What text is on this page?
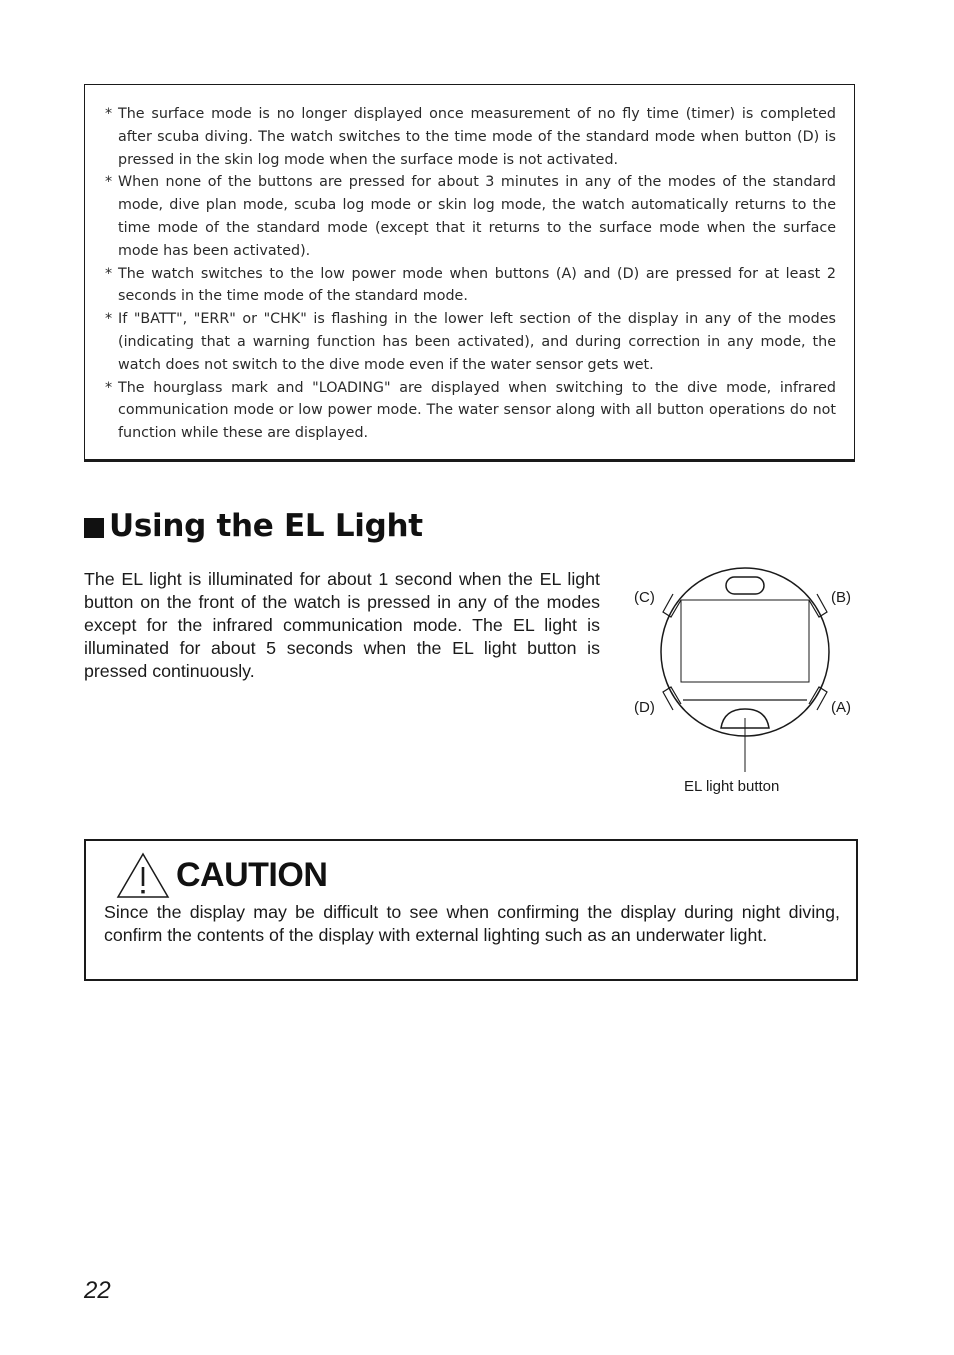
* The surface mode is no longer displayed once measurement of no fly time (timer) is completed after scuba diving. The watch switches to the time mode of the standard mode when button (D) is pressed in the skin log mode when the surface mode is not activated.
* When none of the buttons are pressed for about 3 minutes in any of the modes of the standard mode, dive plan mode, scuba log mode or skin log mode, the watch automatically returns to the time mode of the standard mode (except that it returns to the surface mode when the surface mode has been activated).
* The watch switches to the low power mode when buttons (A) and (D) are pressed for at least 2 seconds in the time mode of the standard mode.
* If "BATT", "ERR" or "CHK" is flashing in the lower left section of the display in any of the modes (indicating that a warning function has been activated), and during correction in any mode, the watch does not switch to the dive mode even if the water sensor gets wet.
* The hourglass mark and "LOADING" are displayed when switching to the dive mode, infrared communication mode or low power mode. The water sensor along with all button operations do not function while these are displayed.
Using the EL Light

The EL light is illuminated for about 1 second when the EL light button on the front of the watch is pressed in any of the modes except for the infrared communication mode. The EL light is illuminated for about 5 seconds when the EL light button is pressed continuously.

(C)	(B)
(D)	(A)
EL light button
CAUTION

Since the display may be difficult to see when confirming the display during night diving, confirm the contents of the display with external lighting such as an underwater light.

22
